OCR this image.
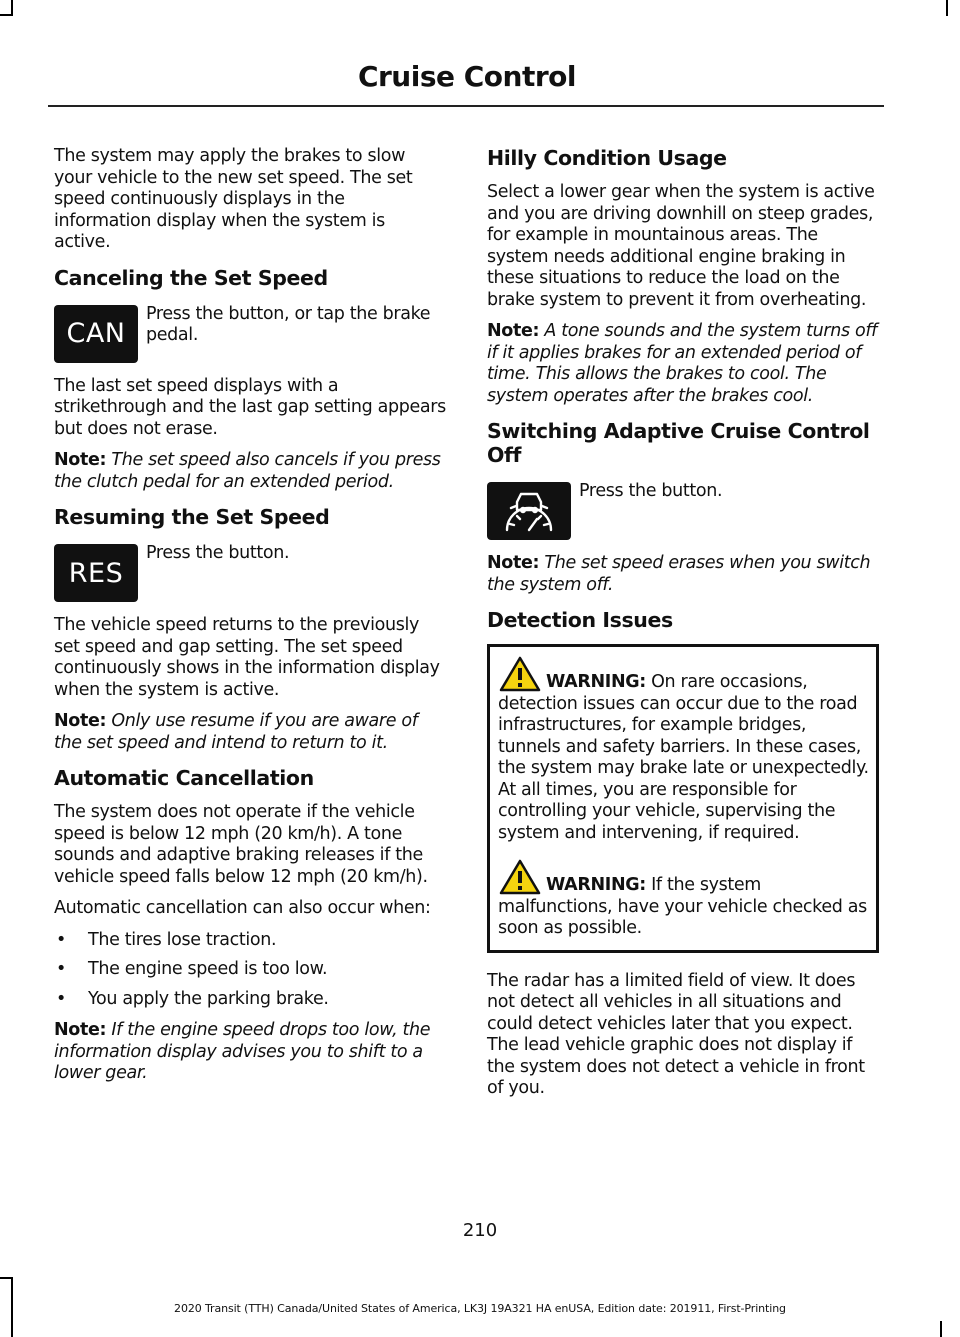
Cruise Control

The system may apply the brakes to slow your vehicle to the new set speed. The set speed continuously displays in the information display when the system is active.

Canceling the Set Speed
CAN

Press the button, or tap the brake pedal.

The last set speed displays with a strikethrough and the last gap setting appears but does not erase.

Note: The set speed also cancels if you press the clutch pedal for an extended period.

Resuming the Set Speed
RES

Press the button.

The vehicle speed returns to the previously set speed and gap setting. The set speed continuously shows in the information display when the system is active.

Note: Only use resume if you are aware of the set speed and intend to return to it.

Automatic Cancellation

The system does not operate if the vehicle speed is below 12 mph (20 km/h). A tone sounds and adaptive braking releases if the vehicle speed falls below 12 mph (20 km/h).

Automatic cancellation can also occur when:

• The tires lose traction.
• The engine speed is too low.
• You apply the parking brake.

Note: If the engine speed drops too low, the information display advises you to shift to a lower gear.

Hilly Condition Usage

Select a lower gear when the system is active and you are driving downhill on steep grades, for example in mountainous areas. The system needs additional engine braking in these situations to reduce the load on the brake system to prevent it from overheating.

Note: A tone sounds and the system turns off if it applies brakes for an extended period of time. This allows the brakes to cool. The system operates after the brakes cool.

Switching Adaptive Cruise Control Off

Press the button.

Note: The set speed erases when you switch the system off.

Detection Issues

WARNING: On rare occasions, detection issues can occur due to the road infrastructures, for example bridges, tunnels and safety barriers. In these cases, the system may brake late or unexpectedly. At all times, you are responsible for controlling your vehicle, supervising the system and intervening, if required.

WARNING: If the system malfunctions, have your vehicle checked as soon as possible.

The radar has a limited field of view. It does not detect all vehicles in all situations and could detect vehicles later that you expect. The lead vehicle graphic does not display if the system does not detect a vehicle in front of you.

210
2020 Transit (TTH) Canada/United States of America, LK3J 19A321 HA enUSA, Edition date: 201911, First-Printing
